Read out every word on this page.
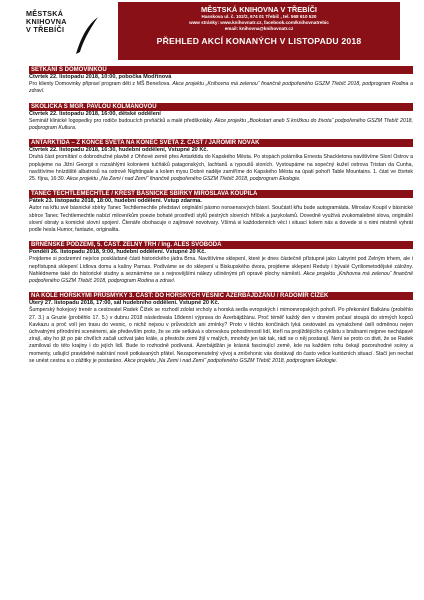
MĚSTSKÁ
KNIHOVNA
V TŘEBÍČI
MĚSTSKÁ KNIHOVNA V TŘEBÍČI
Hasskova ul. č. 102/2, 674 01 Třebíč , tel. 568 610 520
www stránky: www.knihovnatr.cz, facebook.com/knihovnatrebic
email: knihovna@knihovnatr.cz
PŘEHLED AKCÍ KONANÝCH V LISTOPADU 2018
SETKÁNÍ S DOMOVINKOU
Čtvrtek 22. listopadu 2018, 10:00, pobočka Modřínová
Pro klienty Domovinky připraví program děti z MŠ Benešova. Akce projektu „Knihovna má zelenou“ finančně podpořeného GSZM Třebíč 2018, podprogram Rodina a zdraví.
ŠKOLIČKA S MGR. PAVLOU KOLMANOVOU
Čtvrtek 22. listopadu 2018, 16:00, dětské oddělení
Seminář klinické logopedky pro rodiče budoucích prvňáčků a malé předškoláky. Akce projektu „Bookstart aneb S knížkou do života“ podpořeného GSZM Třebíč 2018, podprogram Kultura.
ANTARKTIDA – Z KONCE SVĚTA NA KONEC SVĚTA 2. ČÁST / JAROMÍR NOVÁK
Čtvrtek 22. listopadu 2018, 16:30, hudební oddělení, Vstupné 20 Kč.
Druhá část promítání o dobrodružné plavbě z Ohňové země přes Antarktidu do Kapského Města. Po stopách polárníka Ernesta Shackletona navštívíme Sloní Ostrov a poplujeme na Jižní Georgii s rozsáhlými koloniemi tučňáků patagonských, lachtanů a rypoušů sloních. Vystoupáme na sopečný kužel ostrova Tristan da Cunha, navštívíme hnízdiště albatrosů na ostrově Nightingale a kolem mysu Dobré naděje zamíříme do Kapského Města na úpatí pohoří Table Mountains. 1. část ve čtvrtek 25. října, 16:30. Akce projektu „Na Zemi i nad Zemí“ finančně podpořeného GSZM Třebíč 2018, podprogram Ekologie.
TANEC TECHTLEMECHTLE / KŘEST BÁSNICKÉ SBÍRKY MIROSLAVA KOUPILA
Pátek 23. listopadu 2018, 18:00, hudební oddělení. Vstup zdarma.
Autor na křtu své básnické sbírky Tanec Techtlemechtle představí originální pásmo nonsensových básní. Součástí křtu bude autogramiáda. Miroslav Koupil v básnické sbírce Tanec Techtlemechtle nabízí milovníkům poezie bohaté prostředí stylů pestrých slovních hříček a jazykolamů. Dovedně využívá zvukomalebné slova, originální slovní obraty a komické slovní spojení. Čtenáře obohacuje o zajímavé novotvary. Všímá si každodenních věcí i situací kolem nás a dovede si s nimi mistrně vyhrát podle hesla Humor, fantazie, originalita.
BRNĚNSKÉ PODZEMÍ, 5. ČÁST. ZELNÝ TRH / Ing. ALEŠ SVOBODA
Pondělí 26. listopadu 2018, 9:00, hudební oddělení. Vstupné 20 Kč.
Projdeme si podzemní nejvíce poskládané části historického jádra Brna. Navštívíme sklepení, které je dnes částečně přístupné jako Labyrint pod Zelným trhem, ale i nepřístupná sklepení Lídlova domu a kašny Parnas. Podíváme se do sklepení u Biskupského dvora, projdeme sklepení Reduty i bývalé Cyriliometodějské záložny. Nahlédneme také do historické studny a seznámíme se s nejnovějšími nálezy učiněnými při opravě plochy náměstí. Akce projektu „Knihovna má zelenou“ finančně podpořeného GSZM Třebíč 2018, podprogram Rodina a zdraví.
NA KOLE HORSKÝMI PRŮSMYKY 3. ČÁST: DO HORSKÝCH VESNIC ÁZERBÁJDŽÁNU / RADOMÍR ČÍŽEK
Úterý 27. listopadu 2018, 17:00, sál hudebního oddělení. Vstupné 20 Kč.
Šumperský hokejový trenér a cestovatel Radek Čížek se rozhodl zdolat vrcholy a horská sedla evropských i mimoevropských pohoří. Po překonání Balkánu (proběhlo 27. 3.) a Gruzie (proběhlo 17. 5.) v dubnu 2018 následovala 18denní výprava do Ázerbájdžánu. Proč téměř každý den v drsném počasí stoupá do strmých kopců Kavkazu a proč volí jen trasu do vesnic, o nichž nejsou v průvodcích ani zmínky? Proto v těchto končinách lyká cestovatel za vynaložené úsilí odměnou nejen úchvatnými přírodními scenériemi, ale především proto, že se zde setkává s obrovskou pohostinností lidí, kteří na projíždějícího cyklistu s brašnami nejprve nechápavě zírají, aby ho již po pár chvílích začali uctívat jako krále, a přestože zemi žijí v malých, mnohdy jen tak tak, rádi se o něj postarají. Není se proto co divit, že se Radek zamiloval do této krajiny i do jejích lidí. Bude to rozhodně podívaná. Ázerbájdžán je krásná fascinující země, kde na každém rohu čekají pozoruhodné scény a momenty, udiující pravidelné nabírání nově potkávaných přátel. Nezapomenutelný vývoj a zničehonic vás dostávají do často velice kuriózních situací. Stačí jen nechat se unést cestou a o zážitky je postaráno. Akce projektu „Na Zemi i nad Zemí“ podpořeného GSZM Třebíč 2018, podprogram Ekologie.
